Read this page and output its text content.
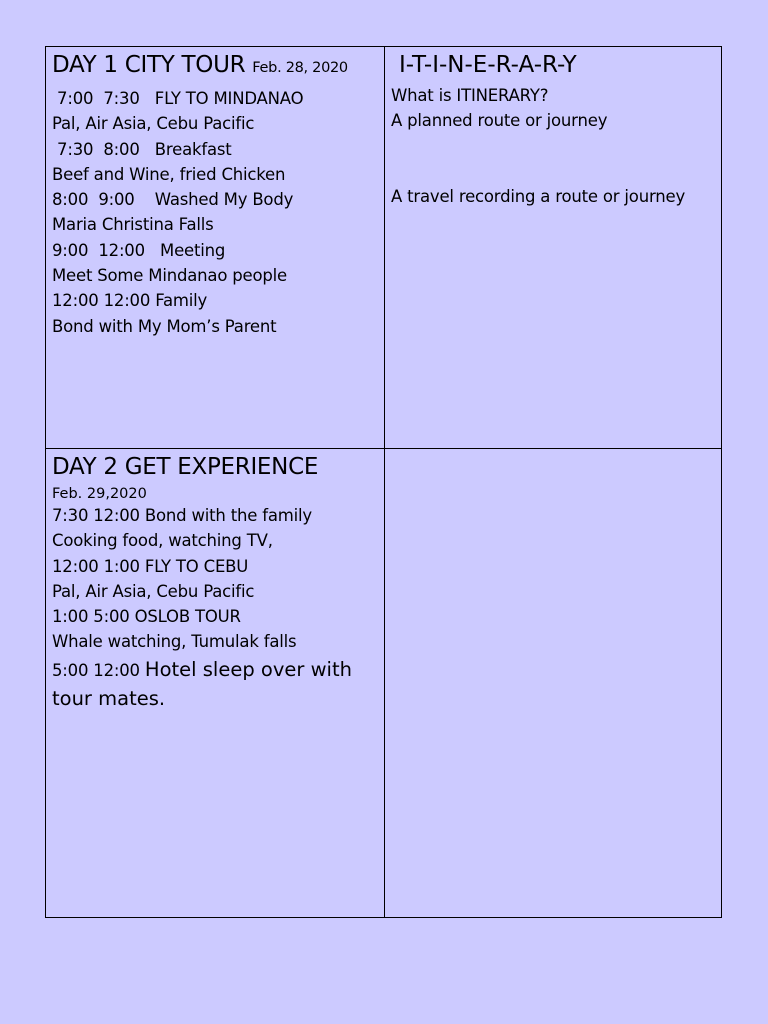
DAY 1 CITY TOUR Feb. 28, 2020
7:00  7:30   FLY TO MINDANAO
Pal, Air Asia, Cebu Pacific
7:30  8:00   Breakfast
Beef and Wine, fried Chicken
8:00  9:00    Washed My Body
Maria Christina Falls
9:00  12:00   Meeting
Meet Some Mindanao people
12:00 12:00 Family
Bond with My Mom’s Parent
I-T-I-N-E-R-A-R-Y
What is ITINERARY?
A planned route or journey
A travel recording a route or journey
DAY 2 GET EXPERIENCE
Feb. 29,2020
7:30 12:00 Bond with the family
Cooking food, watching TV,
12:00 1:00 FLY TO CEBU
Pal, Air Asia, Cebu Pacific
1:00 5:00 OSLOB TOUR
Whale watching, Tumulak falls
5:00 12:00 Hotel sleep over with tour mates.
